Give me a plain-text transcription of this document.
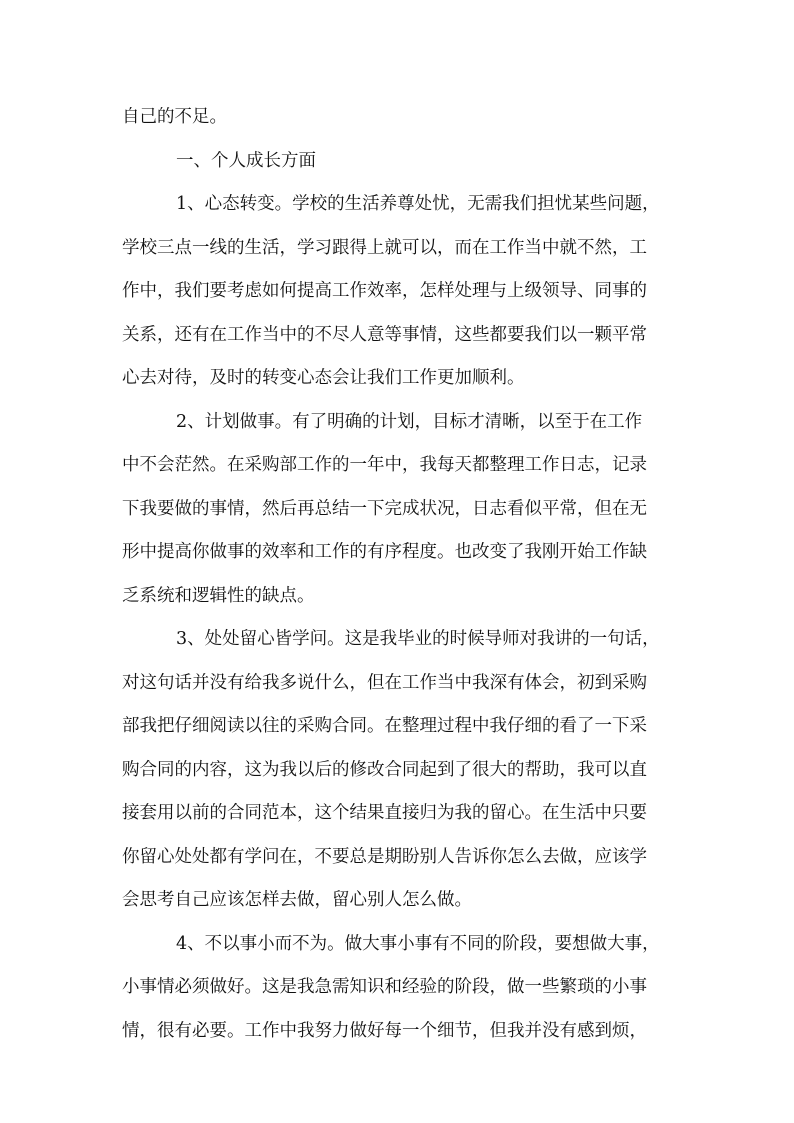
自己的不足。
一、个人成长方面
1、心态转变。学校的生活养尊处忧，无需我们担忧某些问题，
学校三点一线的生活，学习跟得上就可以，而在工作当中就不然，工
作中，我们要考虑如何提高工作效率，怎样处理与上级领导、同事的
关系，还有在工作当中的不尽人意等事情，这些都要我们以一颗平常
心去对待，及时的转变心态会让我们工作更加顺利。
2、计划做事。有了明确的计划，目标才清晰，以至于在工作
中不会茫然。在采购部工作的一年中，我每天都整理工作日志，记录
下我要做的事情，然后再总结一下完成状况，日志看似平常，但在无
形中提高你做事的效率和工作的有序程度。也改变了我刚开始工作缺
乏系统和逻辑性的缺点。
3、处处留心皆学问。这是我毕业的时候导师对我讲的一句话，
对这句话并没有给我多说什么，但在工作当中我深有体会，初到采购
部我把仔细阅读以往的采购合同。在整理过程中我仔细的看了一下采
购合同的内容，这为我以后的修改合同起到了很大的帮助，我可以直
接套用以前的合同范本，这个结果直接归为我的留心。在生活中只要
你留心处处都有学问在，不要总是期盼别人告诉你怎么去做，应该学
会思考自己应该怎样去做，留心别人怎么做。
4、不以事小而不为。做大事小事有不同的阶段，要想做大事，
小事情必须做好。这是我急需知识和经验的阶段，做一些繁琐的小事
情，很有必要。工作中我努力做好每一个细节，但我并没有感到烦，
